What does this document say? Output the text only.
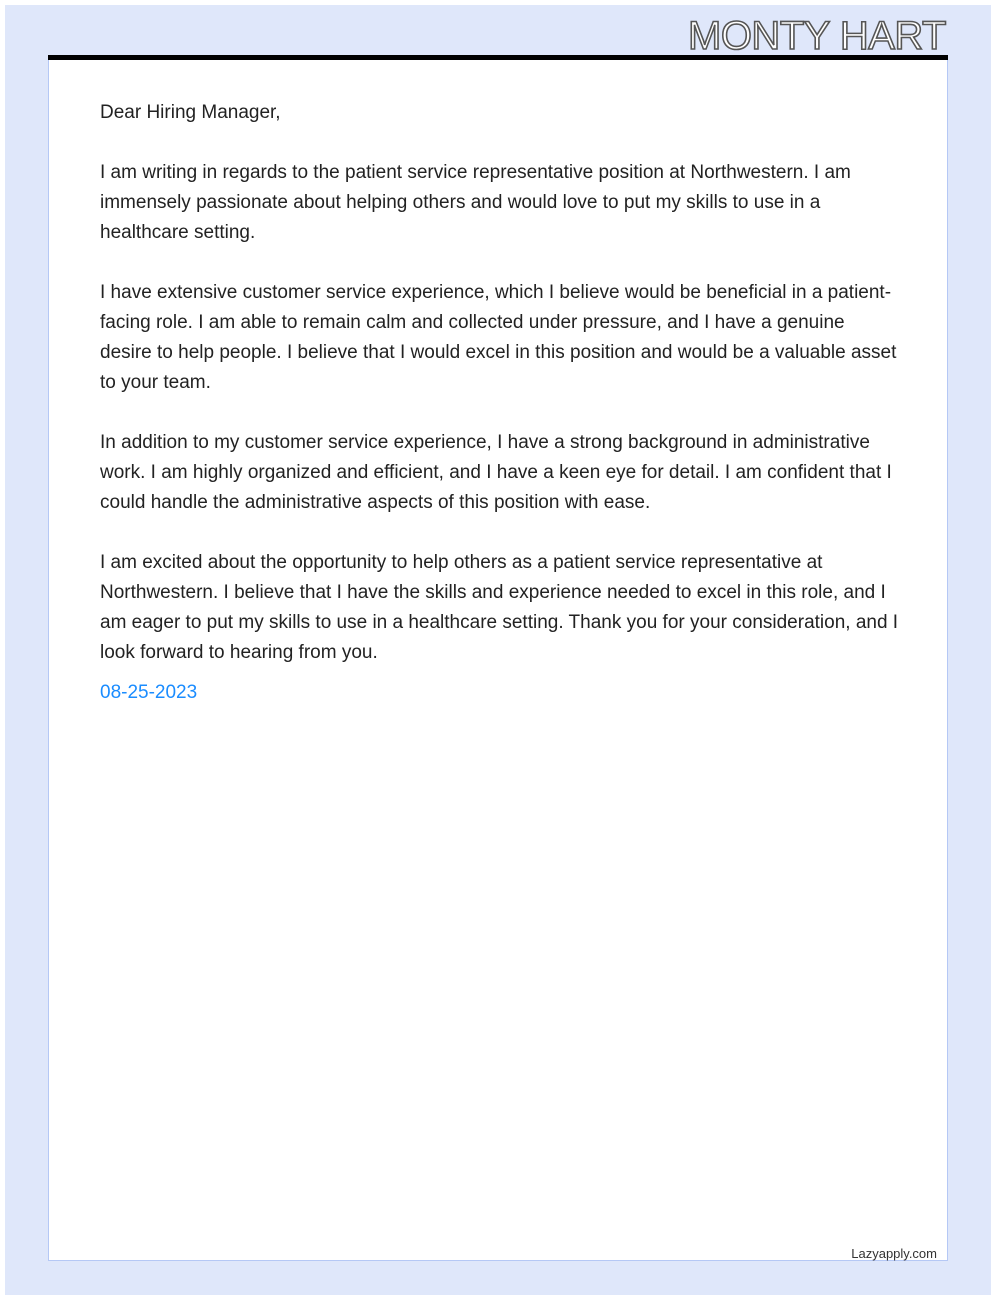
MONTY HART

Dear Hiring Manager,

I am writing in regards to the patient service representative position at Northwestern. I am immensely passionate about helping others and would love to put my skills to use in a healthcare setting.

I have extensive customer service experience, which I believe would be beneficial in a patient-facing role. I am able to remain calm and collected under pressure, and I have a genuine desire to help people. I believe that I would excel in this position and would be a valuable asset to your team.

In addition to my customer service experience, I have a strong background in administrative work. I am highly organized and efficient, and I have a keen eye for detail. I am confident that I could handle the administrative aspects of this position with ease.

I am excited about the opportunity to help others as a patient service representative at Northwestern. I believe that I have the skills and experience needed to excel in this role, and I am eager to put my skills to use in a healthcare setting. Thank you for your consideration, and I look forward to hearing from you.

08-25-2023
Lazyapply.com
